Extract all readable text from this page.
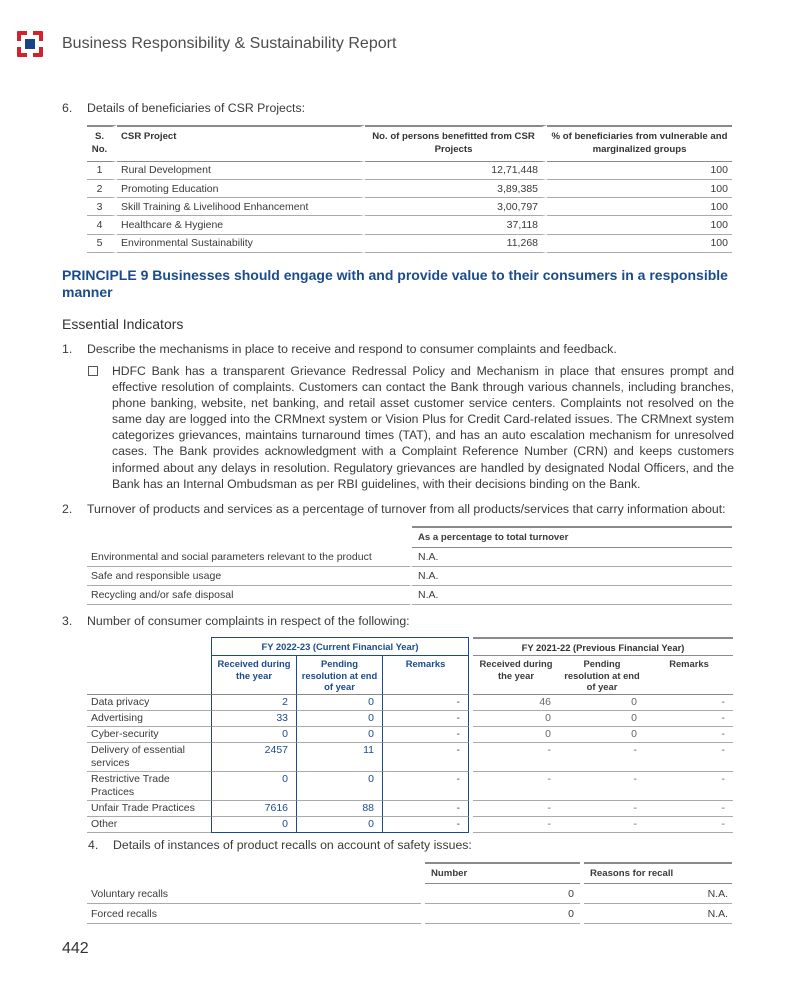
Business Responsibility & Sustainability Report
6. Details of beneficiaries of CSR Projects:
S. No.	CSR Project	No. of persons benefitted from CSR Projects	% of beneficiaries from vulnerable and marginalized groups
1	Rural Development	12,71,448	100
2	Promoting Education	3,89,385	100
3	Skill Training & Livelihood Enhancement	3,00,797	100
4	Healthcare & Hygiene	37,118	100
5	Environmental Sustainability	11,268	100
PRINCIPLE 9 Businesses should engage with and provide value to their consumers in a responsible manner
Essential Indicators
1. Describe the mechanisms in place to receive and respond to consumer complaints and feedback.
HDFC Bank has a transparent Grievance Redressal Policy and Mechanism in place that ensures prompt and effective resolution of complaints. Customers can contact the Bank through various channels, including branches, phone banking, website, net banking, and retail asset customer service centers. Complaints not resolved on the same day are logged into the CRMnext system or Vision Plus for Credit Card-related issues. The CRMnext system categorizes grievances, maintains turnaround times (TAT), and has an auto escalation mechanism for unresolved cases. The Bank provides acknowledgment with a Complaint Reference Number (CRN) and keeps customers informed about any delays in resolution. Regulatory grievances are handled by designated Nodal Officers, and the Bank has an Internal Ombudsman as per RBI guidelines, with their decisions binding on the Bank.
2. Turnover of products and services as a percentage of turnover from all products/services that carry information about:
	As a percentage to total turnover
Environmental and social parameters relevant to the product	N.A.
Safe and responsible usage	N.A.
Recycling and/or safe disposal	N.A.
3. Number of consumer complaints in respect of the following:
	FY 2022-23 (Current Financial Year)				FY 2021-22 (Previous Financial Year)		
	Received during the year	Pending resolution at end of year	Remarks		Received during the year	Pending resolution at end of year	Remarks
Data privacy	2	0	-		46	0	-
Advertising	33	0	-		0	0	-
Cyber-security	0	0	-		0	0	-
Delivery of essential services	2457	11	-		-	-	-
Restrictive Trade Practices	0	0	-		-	-	-
Unfair Trade Practices	7616	88	-		-	-	-
Other	0	0	-		-	-	-
4. Details of instances of product recalls on account of safety issues:
		Number		Reasons for recall
Voluntary recalls		0		N.A.
Forced recalls		0		N.A.
442
